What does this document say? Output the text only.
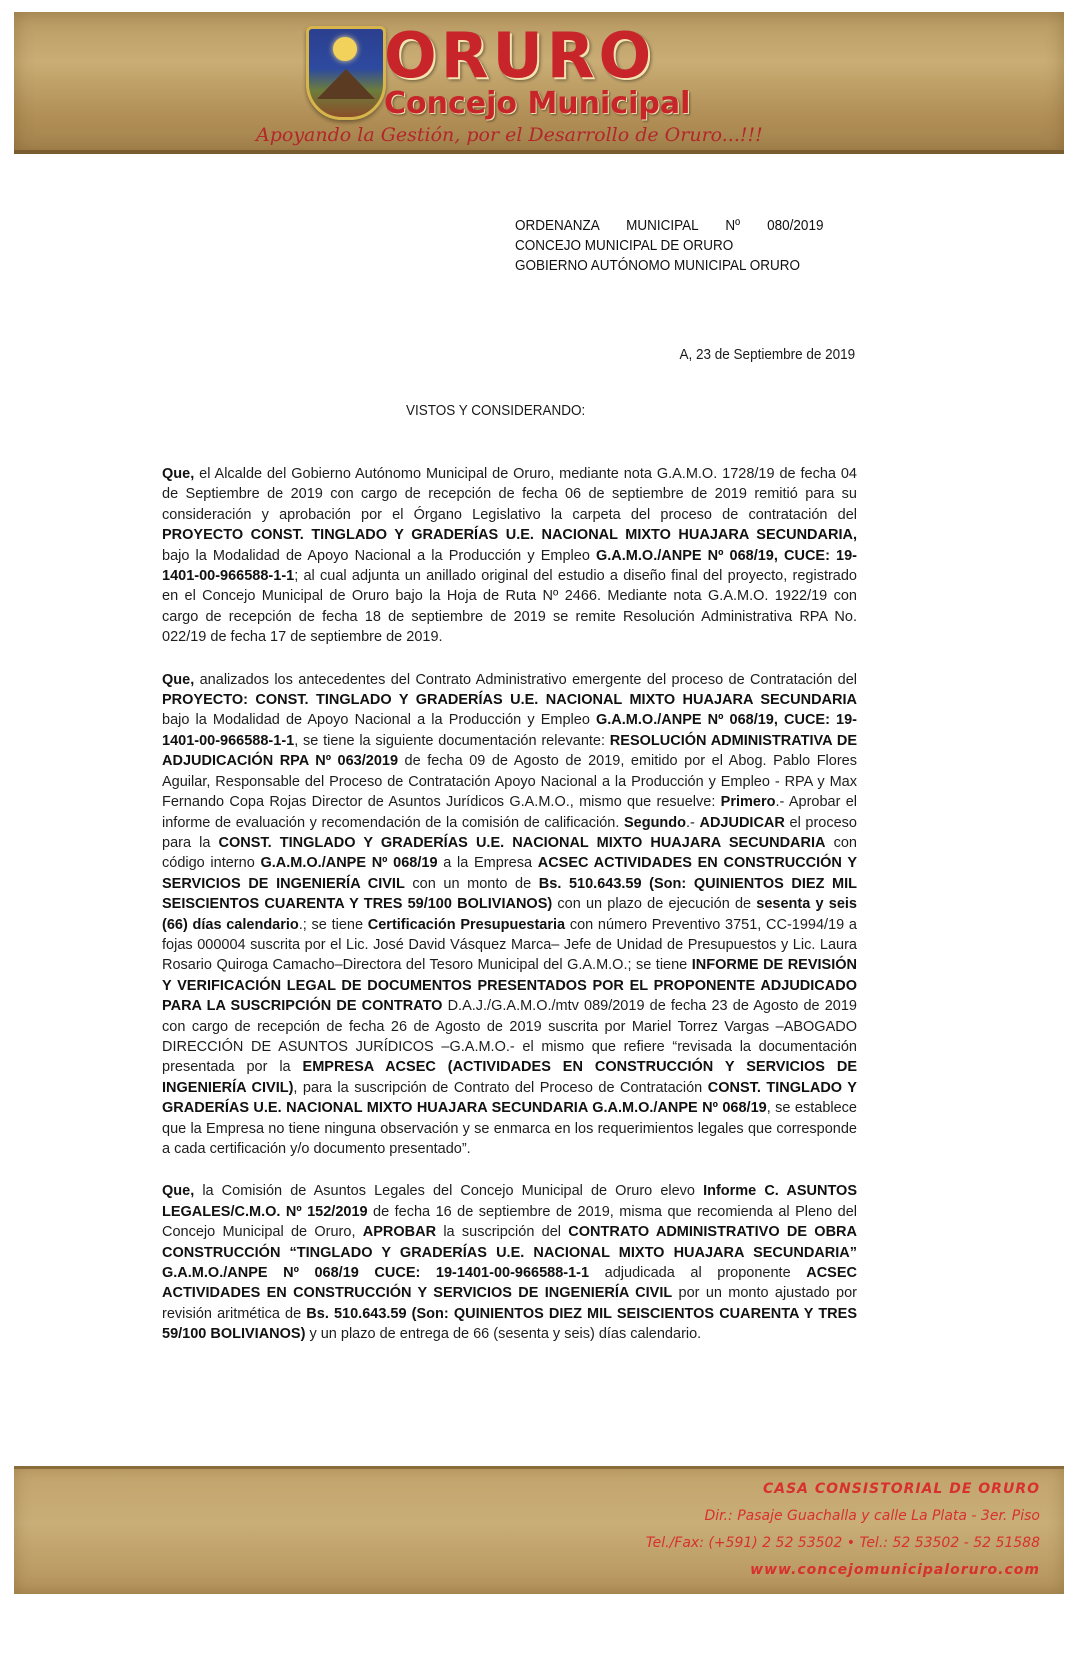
ORURO
Concejo Municipal
Apoyando la Gestión, por el Desarrollo de Oruro...!!!
ORDENANZA MUNICIPAL Nº 080/2019
CONCEJO MUNICIPAL DE ORURO
GOBIERNO AUTÓNOMO MUNICIPAL ORURO
A, 23 de Septiembre de 2019
VISTOS Y CONSIDERANDO:

Que, el Alcalde del Gobierno Autónomo Municipal de Oruro, mediante nota G.A.M.O. 1728/19 de fecha 04 de Septiembre de 2019 con cargo de recepción de fecha 06 de septiembre de 2019 remitió para su consideración y aprobación por el Órgano Legislativo la carpeta del proceso de contratación del PROYECTO CONST. TINGLADO Y GRADERÍAS U.E. NACIONAL MIXTO HUAJARA SECUNDARIA, bajo la Modalidad de Apoyo Nacional a la Producción y Empleo G.A.M.O./ANPE Nº 068/19, CUCE: 19-1401-00-966588-1-1; al cual adjunta un anillado original del estudio a diseño final del proyecto, registrado en el Concejo Municipal de Oruro bajo la Hoja de Ruta Nº 2466. Mediante nota G.A.M.O. 1922/19 con cargo de recepción de fecha 18 de septiembre de 2019 se remite Resolución Administrativa RPA No. 022/19 de fecha 17 de septiembre de 2019.

Que, analizados los antecedentes del Contrato Administrativo emergente del proceso de Contratación del PROYECTO: CONST. TINGLADO Y GRADERÍAS U.E. NACIONAL MIXTO HUAJARA SECUNDARIA bajo la Modalidad de Apoyo Nacional a la Producción y Empleo G.A.M.O./ANPE Nº 068/19, CUCE: 19-1401-00-966588-1-1, se tiene la siguiente documentación relevante: RESOLUCIÓN ADMINISTRATIVA DE ADJUDICACIÓN RPA Nº 063/2019 de fecha 09 de Agosto de 2019, emitido por el Abog. Pablo Flores Aguilar, Responsable del Proceso de Contratación Apoyo Nacional a la Producción y Empleo - RPA y Max Fernando Copa Rojas Director de Asuntos Jurídicos G.A.M.O., mismo que resuelve: Primero.- Aprobar el informe de evaluación y recomendación de la comisión de calificación. Segundo.- ADJUDICAR el proceso para la CONST. TINGLADO Y GRADERÍAS U.E. NACIONAL MIXTO HUAJARA SECUNDARIA con código interno G.A.M.O./ANPE Nº 068/19 a la Empresa ACSEC ACTIVIDADES EN CONSTRUCCIÓN Y SERVICIOS DE INGENIERÍA CIVIL con un monto de Bs. 510.643.59 (Son: QUINIENTOS DIEZ MIL SEISCIENTOS CUARENTA Y TRES 59/100 BOLIVIANOS) con un plazo de ejecución de sesenta y seis (66) días calendario.; se tiene Certificación Presupuestaria con número Preventivo 3751, CC-1994/19 a fojas 000004 suscrita por el Lic. José David Vásquez Marca– Jefe de Unidad de Presupuestos y Lic. Laura Rosario Quiroga Camacho–Directora del Tesoro Municipal del G.A.M.O.; se tiene INFORME DE REVISIÓN Y VERIFICACIÓN LEGAL DE DOCUMENTOS PRESENTADOS POR EL PROPONENTE ADJUDICADO PARA LA SUSCRIPCIÓN DE CONTRATO D.A.J./G.A.M.O./mtv 089/2019 de fecha 23 de Agosto de 2019 con cargo de recepción de fecha 26 de Agosto de 2019 suscrita por Mariel Torrez Vargas –ABOGADO DIRECCIÓN DE ASUNTOS JURÍDICOS –G.A.M.O.- el mismo que refiere “revisada la documentación presentada por la EMPRESA ACSEC (ACTIVIDADES EN CONSTRUCCIÓN Y SERVICIOS DE INGENIERÍA CIVIL), para la suscripción de Contrato del Proceso de Contratación CONST. TINGLADO Y GRADERÍAS U.E. NACIONAL MIXTO HUAJARA SECUNDARIA G.A.M.O./ANPE Nº 068/19, se establece que la Empresa no tiene ninguna observación y se enmarca en los requerimientos legales que corresponde a cada certificación y/o documento presentado”.

Que, la Comisión de Asuntos Legales del Concejo Municipal de Oruro elevo Informe C. ASUNTOS LEGALES/C.M.O. Nº 152/2019 de fecha 16 de septiembre de 2019, misma que recomienda al Pleno del Concejo Municipal de Oruro, APROBAR la suscripción del CONTRATO ADMINISTRATIVO DE OBRA CONSTRUCCIÓN “TINGLADO Y GRADERÍAS U.E. NACIONAL MIXTO HUAJARA SECUNDARIA” G.A.M.O./ANPE Nº 068/19 CUCE: 19-1401-00-966588-1-1 adjudicada al proponente ACSEC ACTIVIDADES EN CONSTRUCCIÓN Y SERVICIOS DE INGENIERÍA CIVIL por un monto ajustado por revisión aritmética de Bs. 510.643.59 (Son: QUINIENTOS DIEZ MIL SEISCIENTOS CUARENTA Y TRES 59/100 BOLIVIANOS) y un plazo de entrega de 66 (sesenta y seis) días calendario.

CASA CONSISTORIAL DE ORURO
Dir.: Pasaje Guachalla y calle La Plata - 3er. Piso
Tel./Fax: (+591) 2 52 53502 • Tel.: 52 53502 - 52 51588
www.concejomunicipaloruro.com
